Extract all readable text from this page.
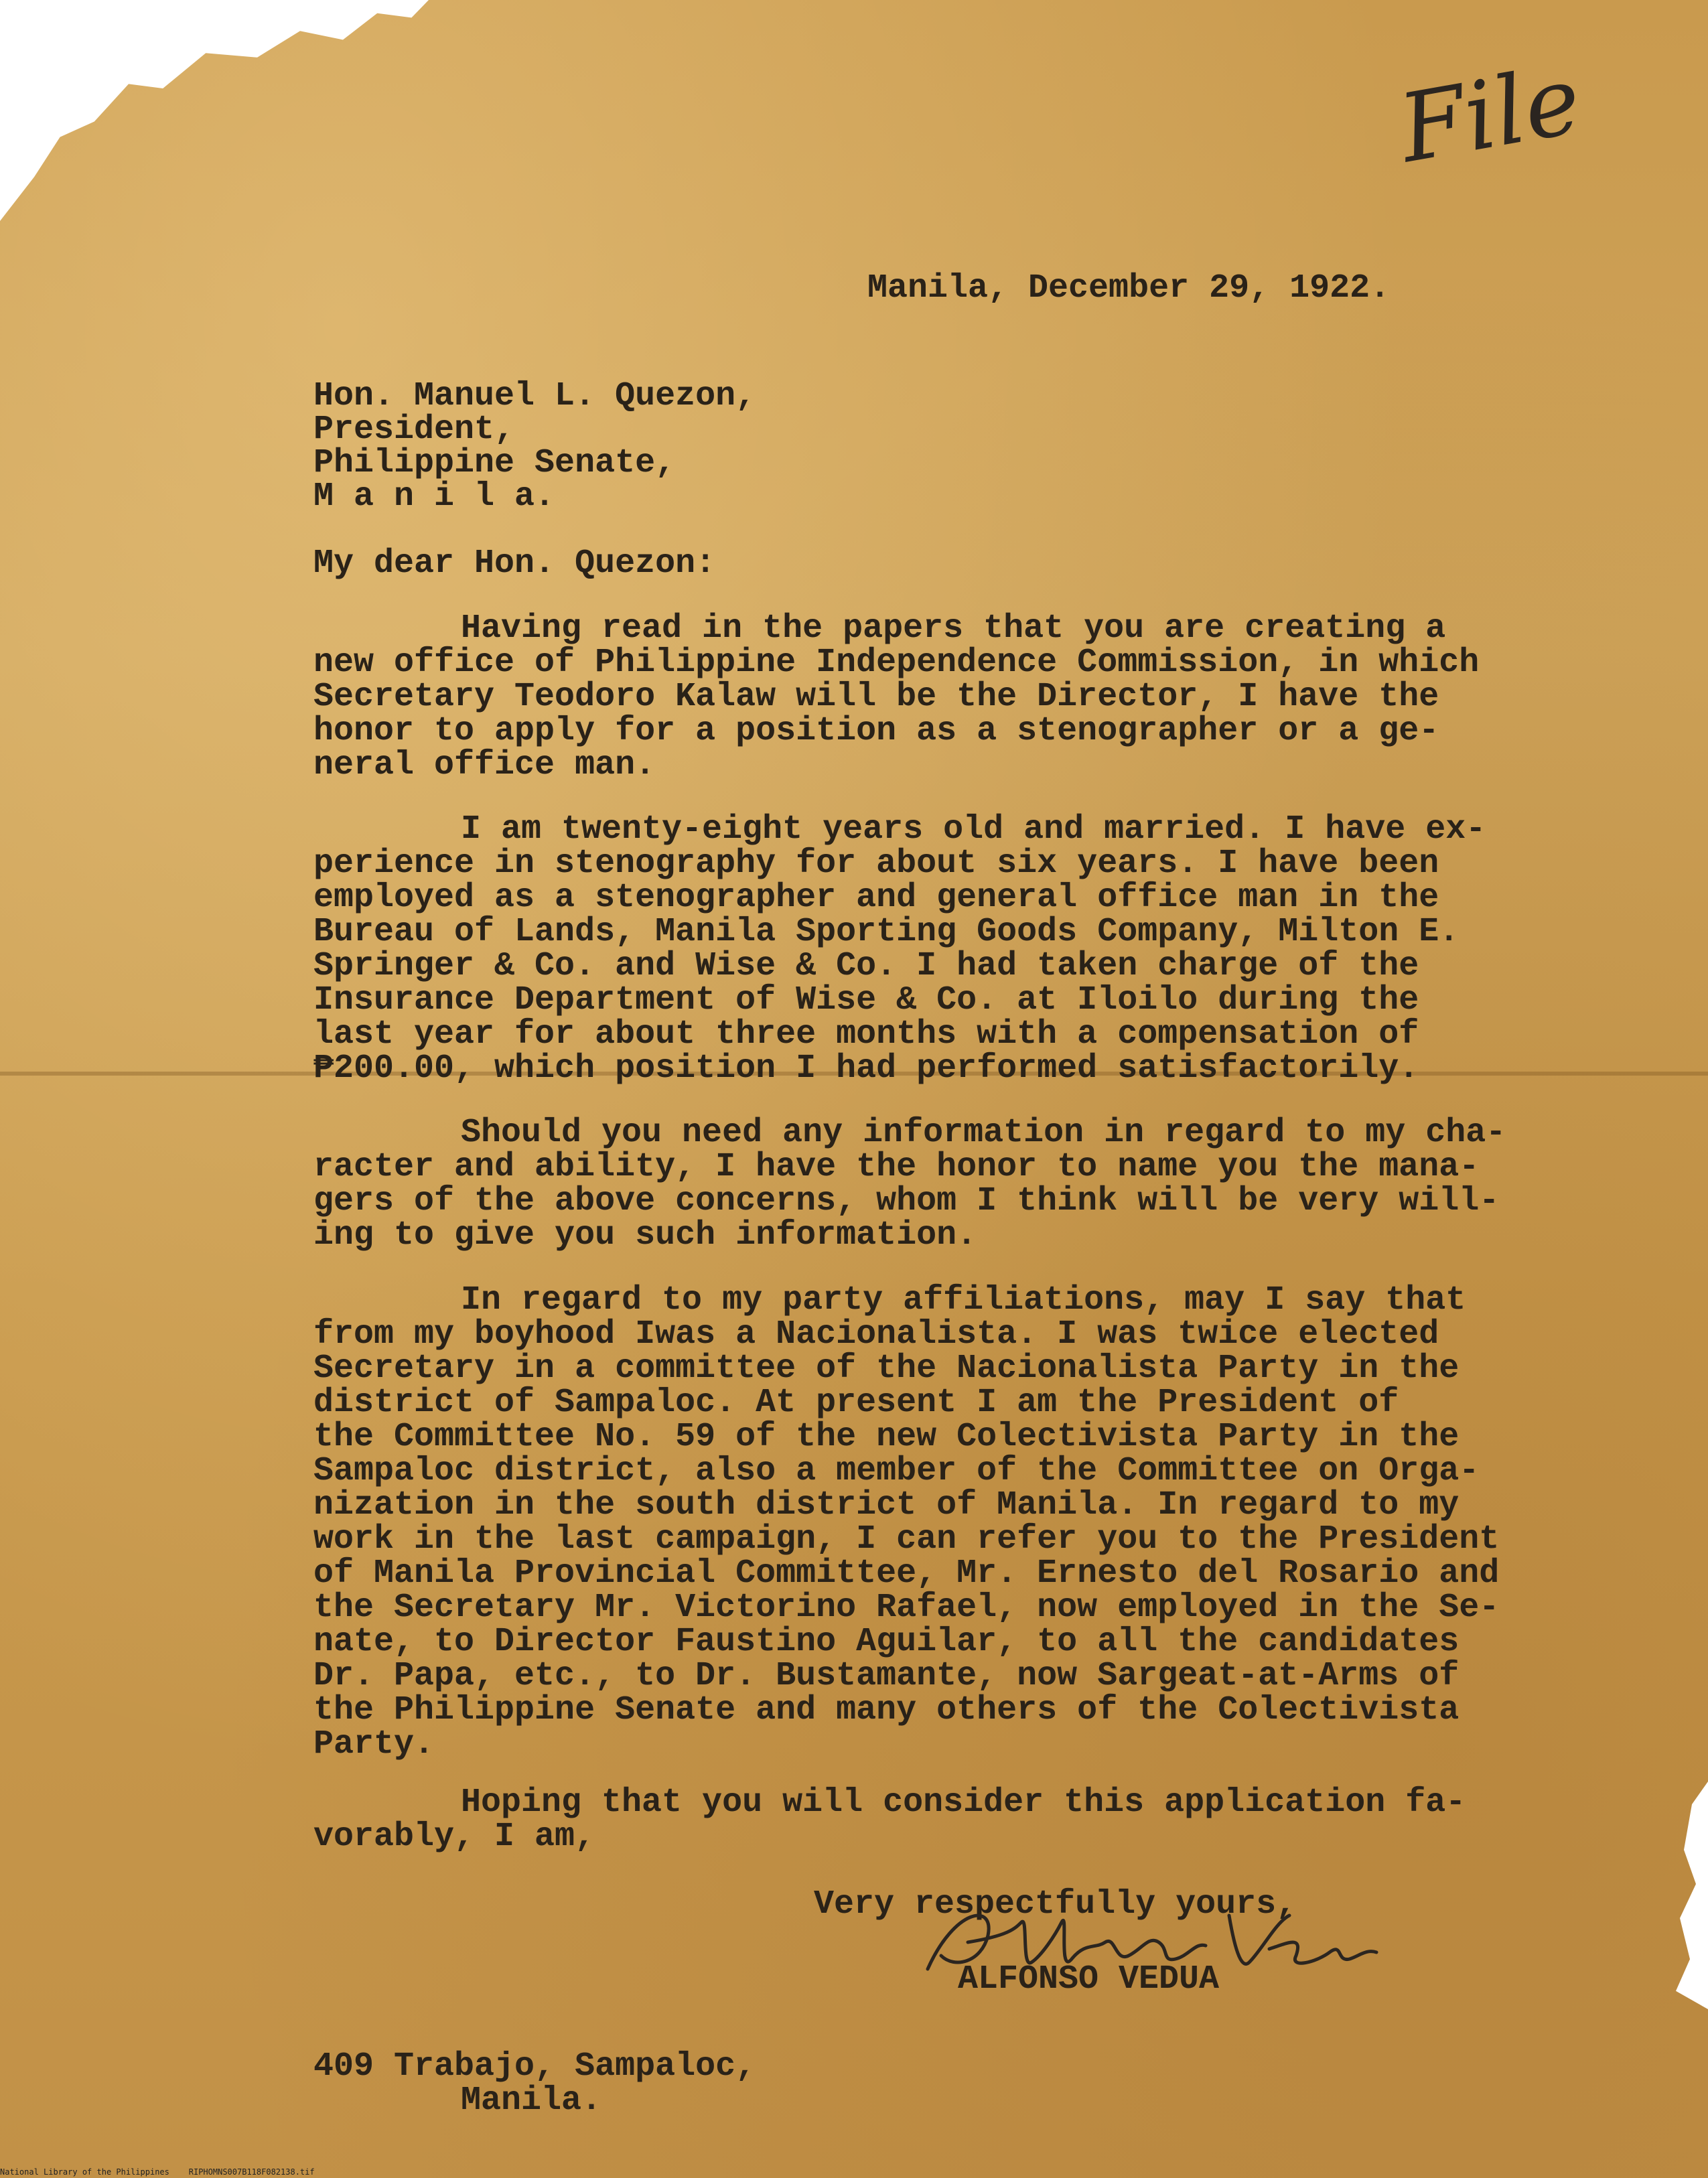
File
Manila, December 29, 1922.
Hon. Manuel L. Quezon,
President,
Philippine Senate,
M a n i l a.
My dear Hon. Quezon:
Having read in the papers that you are creating a
new office of Philippine Independence Commission, in which
Secretary Teodoro Kalaw will be the Director, I have the
honor to apply for a position as a stenographer or a ge-
neral office man.
I am twenty-eight years old and married. I have ex-
perience in stenography for about six years. I have been
employed as a stenographer and general office man in the
Bureau of Lands, Manila Sporting Goods Company, Milton E.
Springer & Co. and Wise & Co. I had taken charge of the
Insurance Department of Wise & Co. at Iloilo during the
last year for about three months with a compensation of
₱200.00, which position I had performed satisfactorily.
Should you need any information in regard to my cha-
racter and ability, I have the honor to name you the mana-
gers of the above concerns, whom I think will be very will-
ing to give you such information.
In regard to my party affiliations, may I say that
from my boyhood Iwas a Nacionalista. I was twice elected
Secretary in a committee of the Nacionalista Party in the
district of Sampaloc. At present I am the President of
the Committee No. 59 of the new Colectivista Party in the
Sampaloc district, also a member of the Committee on Orga-
nization in the south district of Manila. In regard to my
work in the last campaign, I can refer you to the President
of Manila Provincial Committee, Mr. Ernesto del Rosario and
the Secretary Mr. Victorino Rafael, now employed in the Se-
nate, to Director Faustino Aguilar, to all the candidates
Dr. Papa, etc., to Dr. Bustamante, now Sargeat-at-Arms of
the Philippine Senate and many others of the Colectivista
Party.
Hoping that you will consider this application fa-
vorably, I am,
Very respectfully yours,
ALFONSO VEDUA
409 Trabajo, Sampaloc,
Manila.
National Library of the Philippines    RIPHOMNS007B118F082138.tif
